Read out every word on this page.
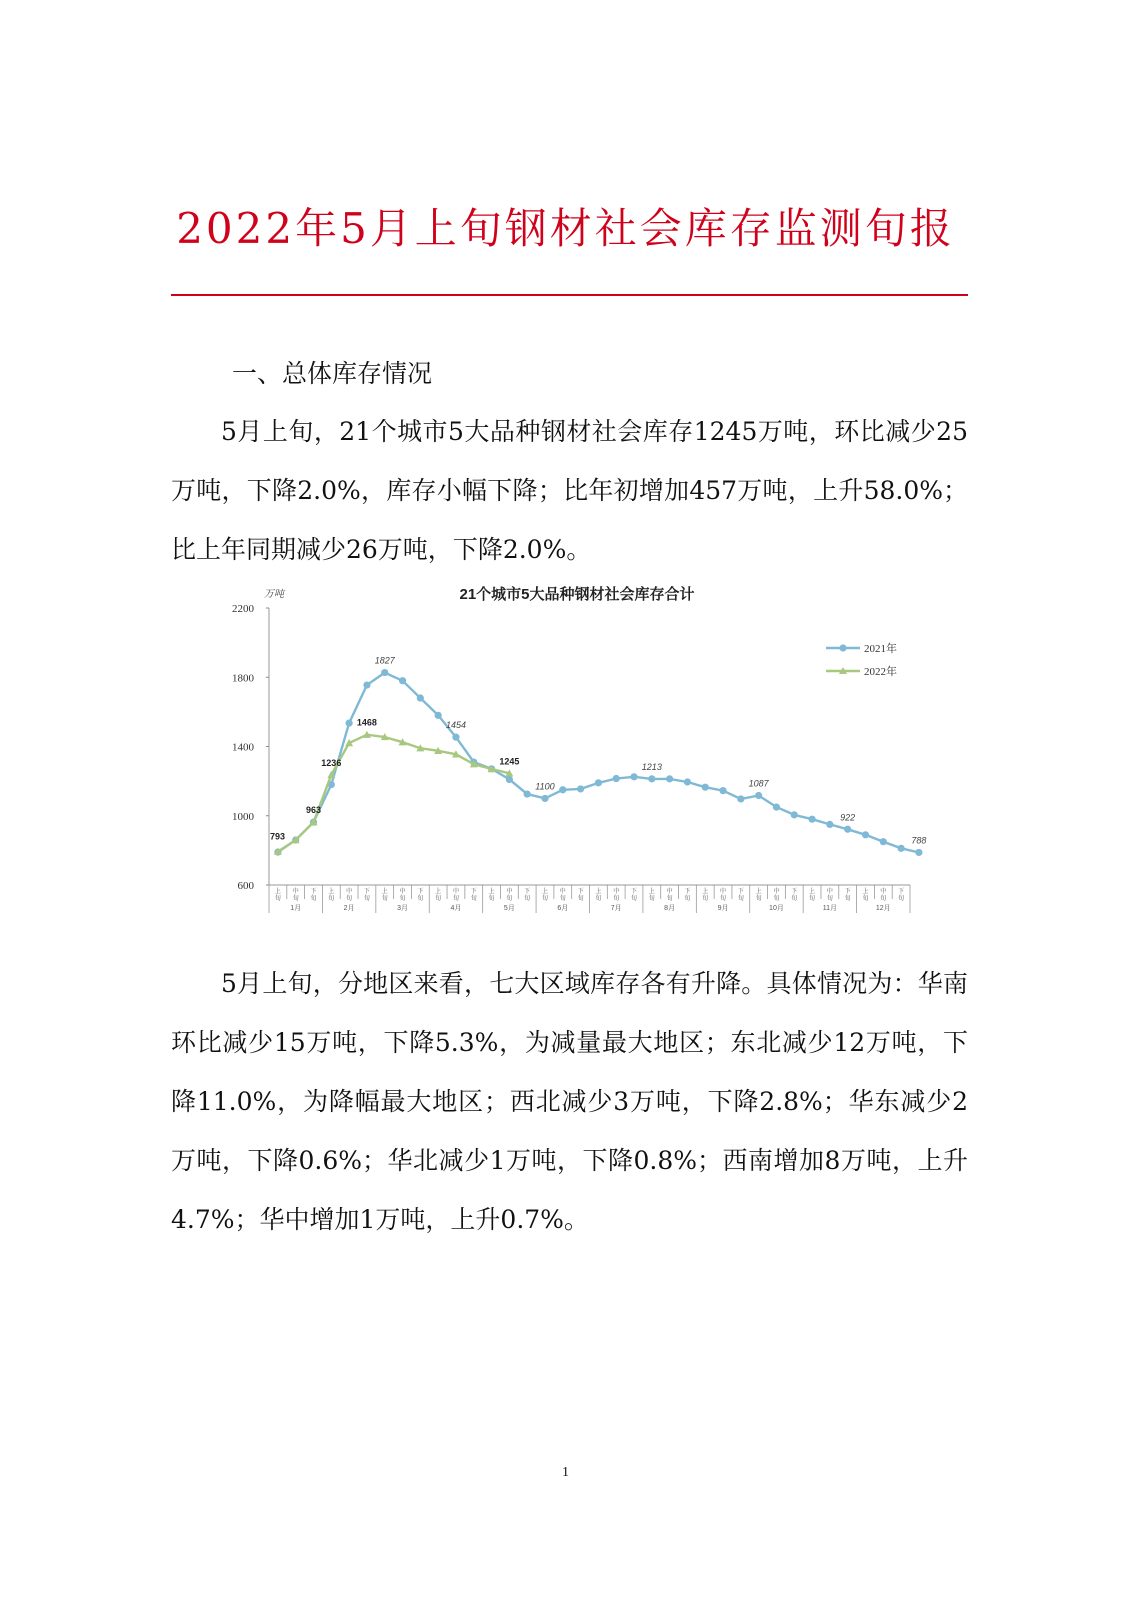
2022年5月上旬钢材社会库存监测旬报
一、总体库存情况

5月上旬，21个城市5大品种钢材社会库存1245万吨，环比减少25万吨，下降2.0%，库存小幅下降；比年初增加457万吨，上升58.0%；比上年同期减少26万吨，下降2.0%。

21个城市5大品种钢材社会库存合计
万吨
600
1000
1400
1800
2200
上
旬
中
旬
下
旬
上
旬
中
旬
下
旬
上
旬
中
旬
下
旬
上
旬
中
旬
下
旬
上
旬
中
旬
下
旬
上
旬
中
旬
下
旬
上
旬
中
旬
下
旬
上
旬
中
旬
下
旬
上
旬
中
旬
下
旬
上
旬
中
旬
下
旬
上
旬
中
旬
下
旬
上
旬
中
旬
下
旬
1月	2月	3月	4月	5月	6月	7月	8月	9月	10月	11月	12月
793
963
1236
1468
1245
1827
1454
1100
1213
1087
922
788
2021年
2022年

5月上旬，分地区来看，七大区域库存各有升降。具体情况为：华南环比减少15万吨，下降5.3%，为减量最大地区；东北减少12万吨，下降11.0%，为降幅最大地区；西北减少3万吨，下降2.8%；华东减少2万吨，下降0.6%；华北减少1万吨，下降0.8%；西南增加8万吨，上升4.7%；华中增加1万吨，上升0.7%。

1
